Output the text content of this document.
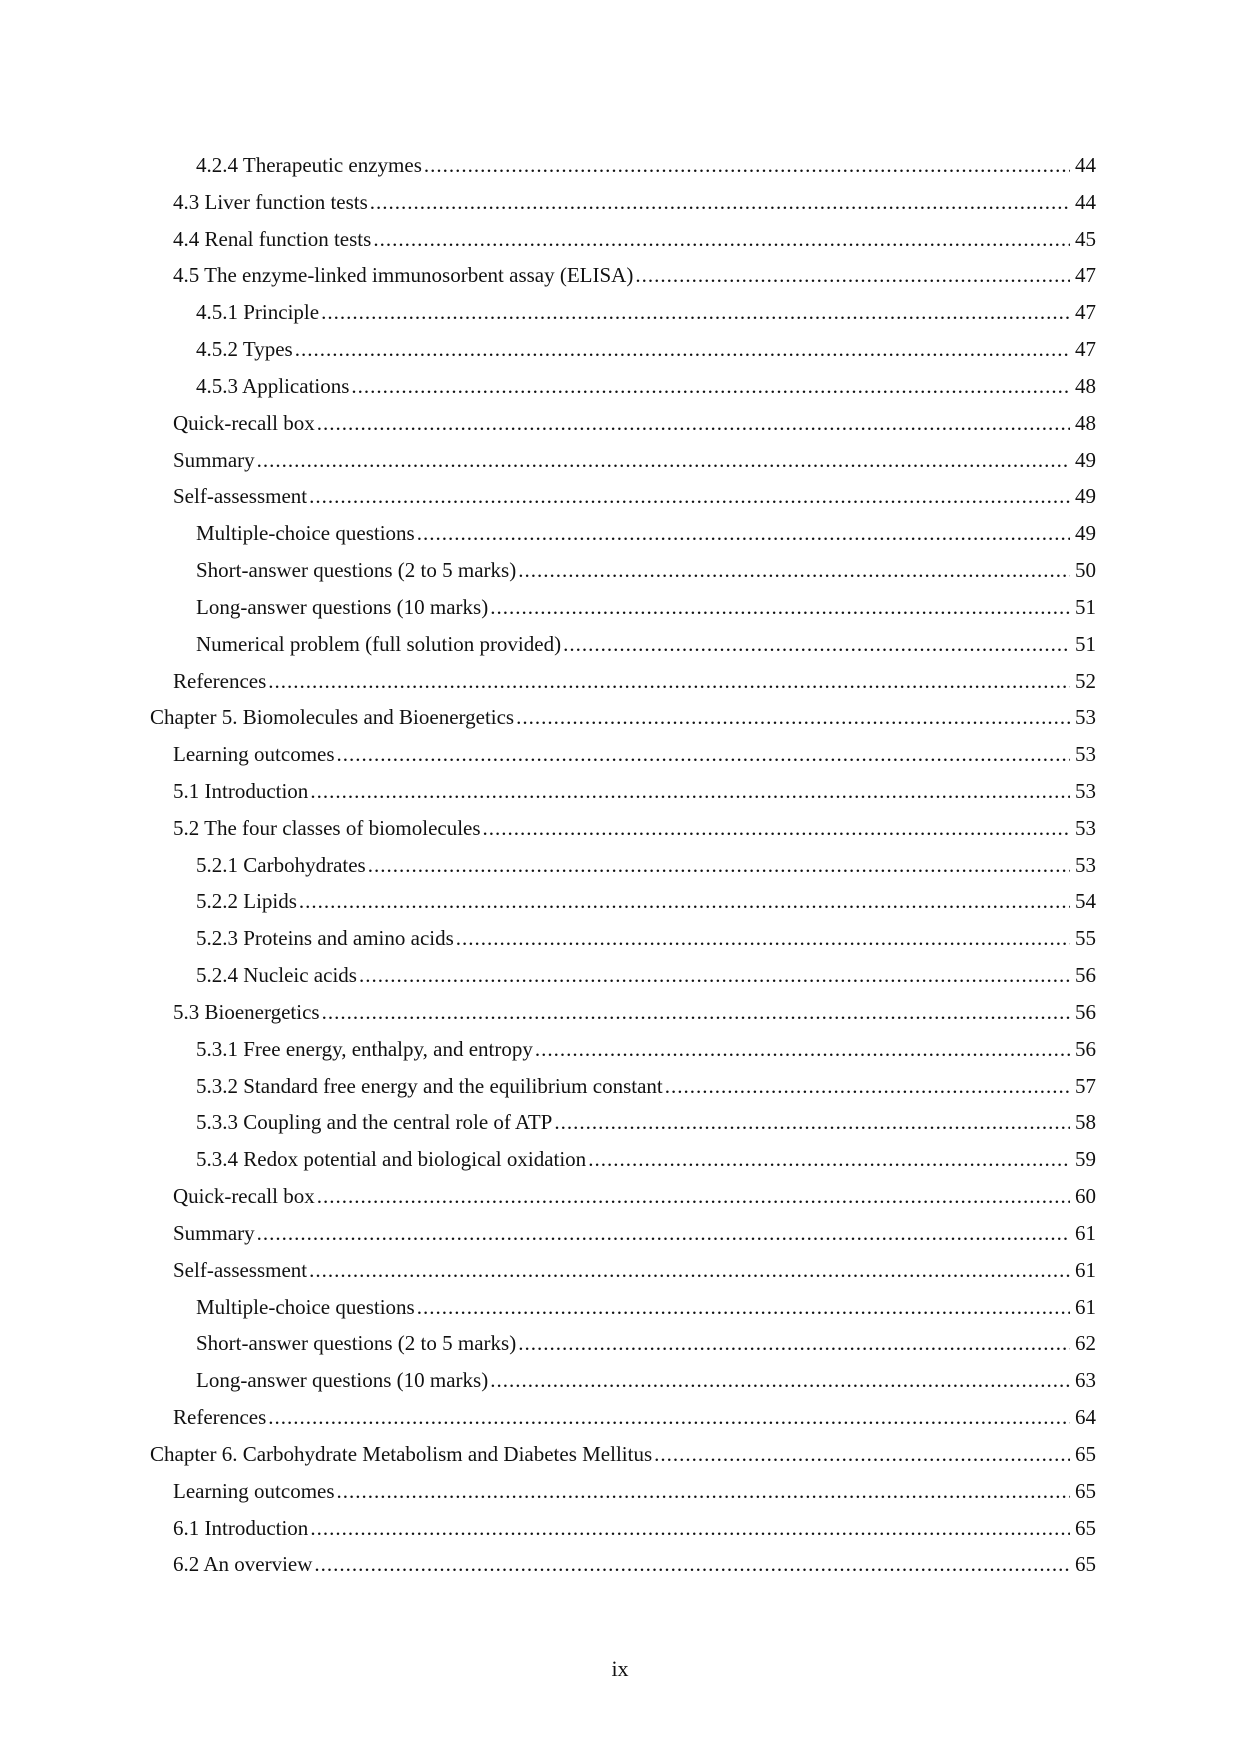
4.2.4 Therapeutic enzymes .....	44
4.3 Liver function tests .....	44
4.4 Renal function tests .....	45
4.5 The enzyme-linked immunosorbent assay (ELISA) .....	47
4.5.1 Principle .....	47
4.5.2 Types .....	47
4.5.3 Applications .....	48
Quick-recall box .....	48
Summary .....	49
Self-assessment .....	49
Multiple-choice questions .....	49
Short-answer questions (2 to 5 marks) .....	50
Long-answer questions (10 marks) .....	51
Numerical problem (full solution provided) .....	51
References .....	52
Chapter 5. Biomolecules and Bioenergetics .....	53
Learning outcomes .....	53
5.1 Introduction .....	53
5.2 The four classes of biomolecules .....	53
5.2.1 Carbohydrates .....	53
5.2.2 Lipids .....	54
5.2.3 Proteins and amino acids .....	55
5.2.4 Nucleic acids .....	56
5.3 Bioenergetics .....	56
5.3.1 Free energy, enthalpy, and entropy .....	56
5.3.2 Standard free energy and the equilibrium constant .....	57
5.3.3 Coupling and the central role of ATP .....	58
5.3.4 Redox potential and biological oxidation .....	59
Quick-recall box .....	60
Summary .....	61
Self-assessment .....	61
Multiple-choice questions .....	61
Short-answer questions (2 to 5 marks) .....	62
Long-answer questions (10 marks) .....	63
References .....	64
Chapter 6. Carbohydrate Metabolism and Diabetes Mellitus .....	65
Learning outcomes .....	65
6.1 Introduction .....	65
6.2 An overview .....	65
ix
